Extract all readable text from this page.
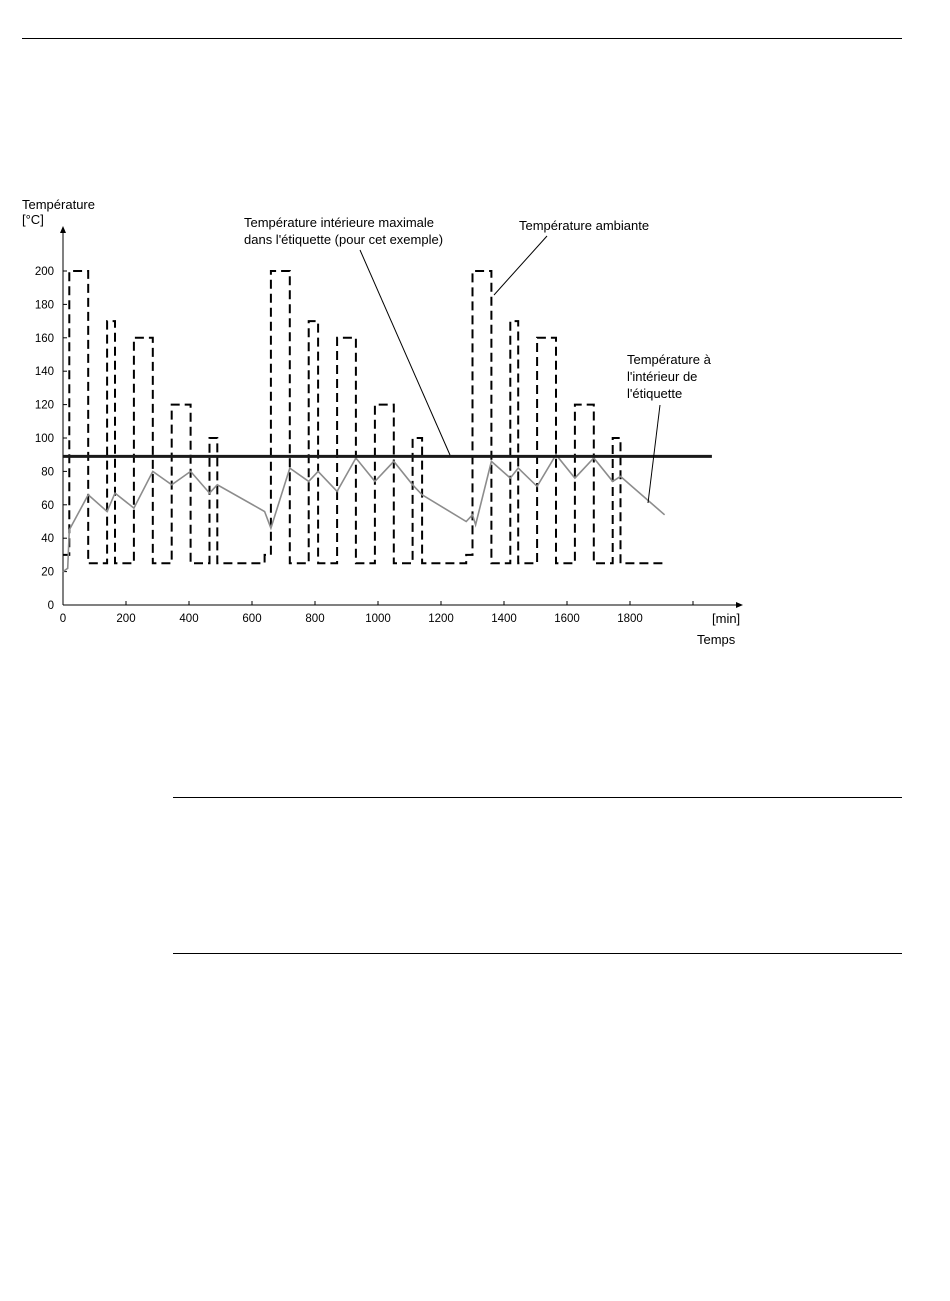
0	200	400	600	800	1000	1200	1400	1600	1800
0
20
40
60
80
100
120
140
160
180
200
Température
[°C]
[min]
Temps
Température intérieure maximale
dans l'étiquette (pour cet exemple)
Température ambiante
Température à
l'intérieur de
l'étiquette
